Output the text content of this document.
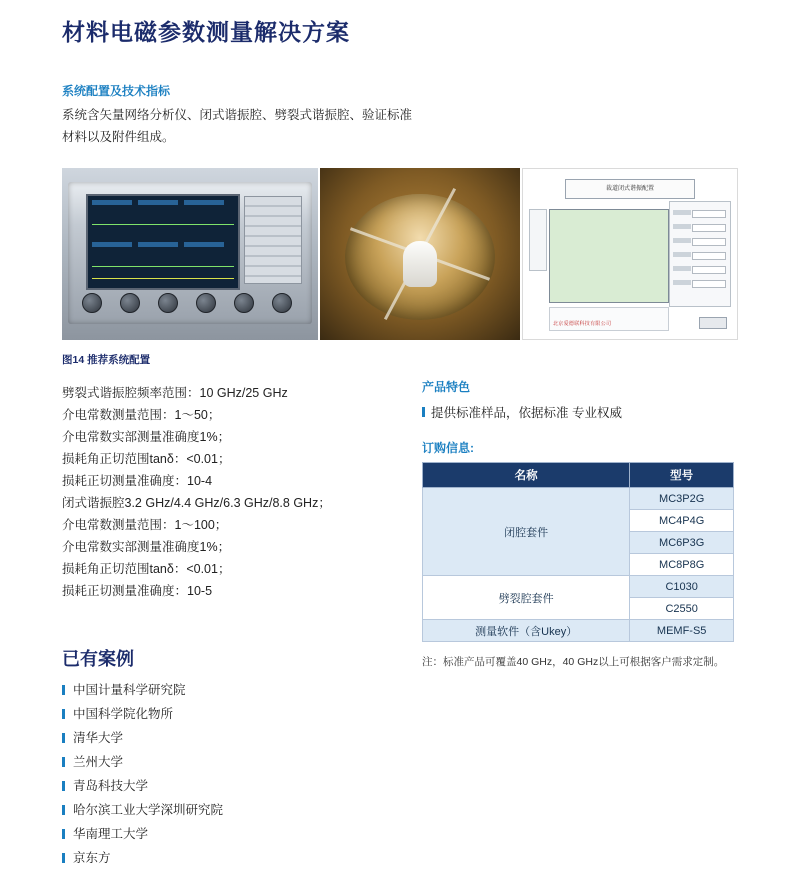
材料电磁参数测量解决方案
系统配置及技术指标
系统含矢量网络分析仪、闭式谐振腔、劈裂式谐振腔、验证标准材料以及附件组成。
裁道闭式谐振配置
北京爱德联科技有限公司
图14 推荐系统配置
劈裂式谐振腔频率范围：10 GHz/25 GHz
介电常数测量范围：1～50；
介电常数实部测量准确度1%；
损耗角正切范围tanδ：<0.01；
损耗正切测量准确度：10-4
闭式谐振腔3.2 GHz/4.4 GHz/6.3 GHz/8.8 GHz；
介电常数测量范围：1～100；
介电常数实部测量准确度1%；
损耗角正切范围tanδ：<0.01；
损耗正切测量准确度：10-5
产品特色
提供标准样品，依据标准 专业权威
订购信息:
名称	型号
闭腔套件	MC3P2G
	MC4P4G
	MC6P3G
	MC8P8G
劈裂腔套件	C1030
	C2550
测量软件（含Ukey）	MEMF-S5
注：标准产品可覆盖40 GHz，40 GHz以上可根据客户需求定制。
已有案例
中国计量科学研究院
中国科学院化物所
清华大学
兰州大学
青岛科技大学
哈尔滨工业大学深圳研究院
华南理工大学
京东方
